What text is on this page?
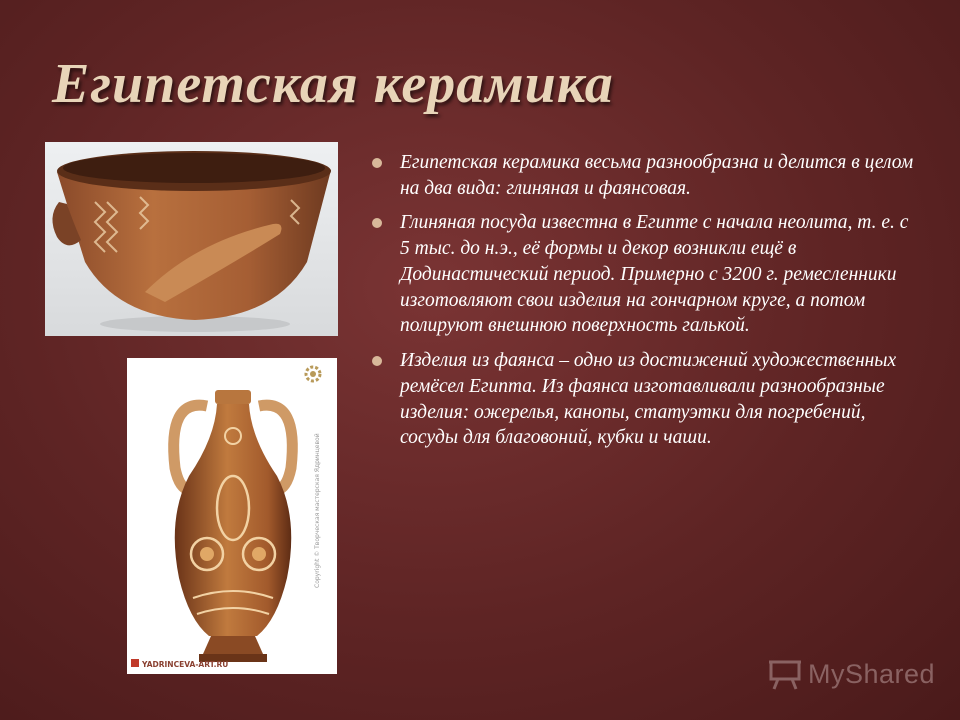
Египетская керамика
Copyright © Творческая мастерская Ядринцевой
YADRINCEVA-ART.RU
Египетская керамика весьма разнообразна и делится в целом на два вида: глиняная и фаянсовая.
Глиняная посуда известна в Египте с начала неолита, т. е. с 5 тыс. до н.э., её формы и декор возникли ещё в Додинастический период. Примерно с 3200 г. ремесленники изготовляют свои изделия на гончарном круге, а потом полируют внешнюю поверхность галькой.
Изделия из фаянса – одно из достижений художественных ремёсел Египта. Из фаянса изготавливали разнообразные изделия: ожерелья, канопы, статуэтки для погребений, сосуды для благовоний, кубки и чаши.
MyShared
